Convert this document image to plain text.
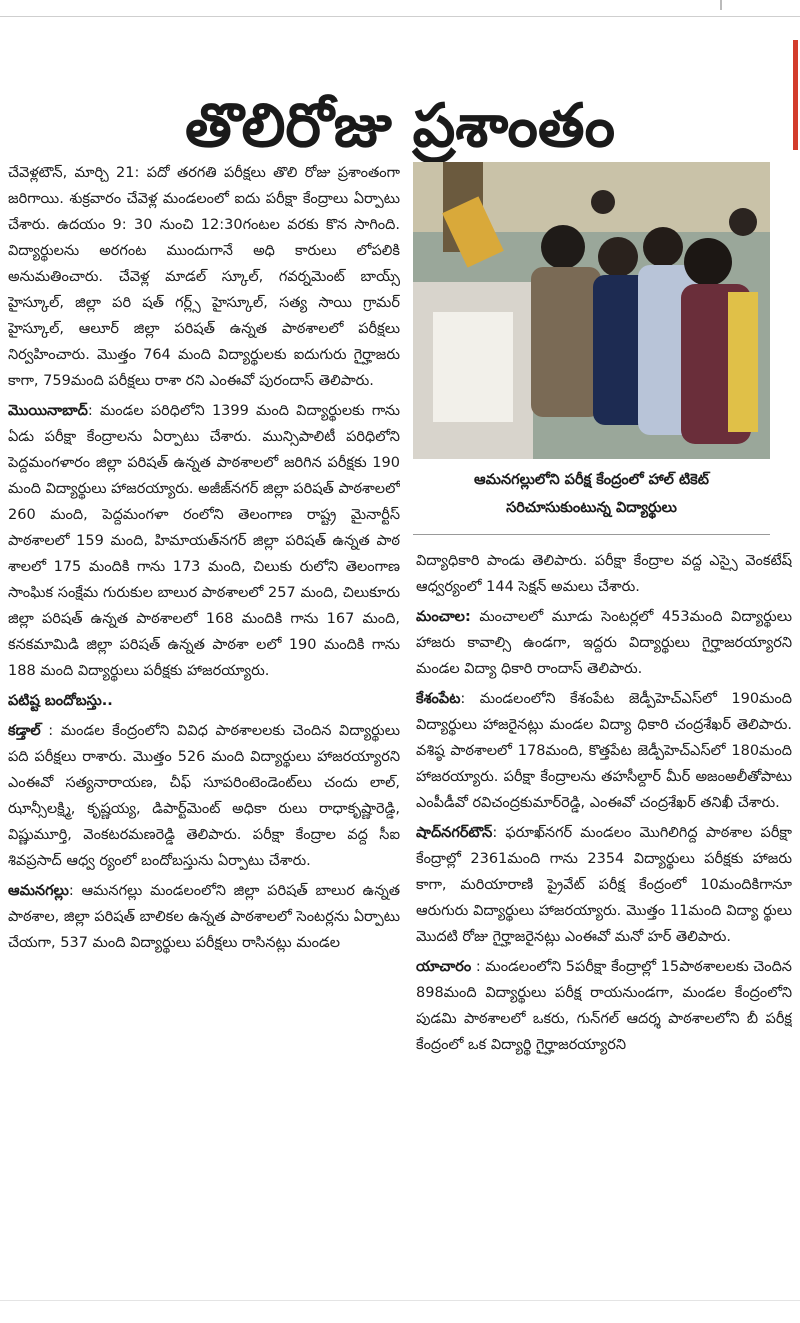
తొలిరోజు ప్రశాంతం

చేవెళ్లటౌన్, మార్చి 21: పదో తరగతి పరీక్షలు తొలి రోజు ప్రశాంతంగా జరిగాయి. శుక్రవారం చేవెళ్ల మండలంలో ఐదు పరీక్షా కేంద్రాలు ఏర్పాటు చేశారు. ఉదయం 9: 30 నుంచి 12:30గంటల వరకు కొన సాగింది. విద్యార్థులను అరగంట ముందుగానే అధి కారులు లోపలికి అనుమతించారు. చేవెళ్ల మాడల్ స్కూల్, గవర్నమెంట్ బాయ్స్ హైస్కూల్, జిల్లా పరి షత్ గర్ల్స్ హైస్కూల్, సత్య సాయి గ్రామర్ హైస్కూల్, ఆలూర్ జిల్లా పరిషత్ ఉన్నత పాఠశాలలో పరీక్షలు నిర్వహించారు. మొత్తం 764 మంది విద్యార్థులకు ఐదుగురు గైర్హాజరు కాగా, 759మంది పరీక్షలు రాశా రని ఎంఈవో పురందాస్ తెలిపారు.

మొయినాబాద్: మండల పరిధిలోని 1399 మంది విద్యార్థులకు గాను ఏడు పరీక్షా కేంద్రాలను ఏర్పాటు చేశారు. మున్సిపాలిటీ పరిధిలోని పెద్దమంగళారం జిల్లా పరిషత్ ఉన్నత పాఠశాలలో జరిగిన పరీక్షకు 190 మంది విద్యార్థులు హాజరయ్యారు. అజీజ్‌నగర్ జిల్లా పరిషత్ పాఠశాలలో 260 మంది, పెద్దమంగళా రంలోని తెలంగాణ రాష్ట్ర మైనార్టీస్ పాఠశాలలో 159 మంది, హిమాయత్‌నగర్ జిల్లా పరిషత్ ఉన్నత పాఠ శాలలో 175 మందికి గాను 173 మంది, చిలుకు రులోని తెలంగాణ సాంఘిక సంక్షేమ గురుకుల బాలుర పాఠశాలలో 257 మంది, చిలుకూరు జిల్లా పరిషత్ ఉన్నత పాఠశాలలో 168 మందికి గాను 167 మంది, కనకమామిడి జిల్లా పరిషత్ ఉన్నత పాఠశా లలో 190 మందికి గాను 188 మంది విద్యార్థులు పరీక్షకు హాజరయ్యారు.

పటిష్ట బందోబస్తు..

కడ్తాల్ : మండల కేంద్రంలోని వివిధ పాఠశాలలకు చెందిన విద్యార్థులు పది పరీక్షలు రాశారు. మొత్తం 526 మంది విద్యార్థులు హాజరయ్యారని ఎంఈవో సత్యనారాయణ, చీఫ్ సూపరింటెండెంట్‌లు చందు లాల్, ఝాన్సీలక్ష్మి, కృష్ణయ్య, డిపార్ట్‌మెంట్ అధికా రులు రాధాకృష్ణారెడ్డి, విష్ణుమూర్తి, వెంకటరమణరెడ్డి తెలిపారు. పరీక్షా కేంద్రాల వద్ద సీఐ శివప్రసాద్ ఆధ్వ ర్యంలో బందోబస్తును ఏర్పాటు చేశారు.

ఆమనగల్లు: ఆమనగల్లు మండలంలోని జిల్లా పరిషత్ బాలుర ఉన్నత పాఠశాల, జిల్లా పరిషత్ బాలికల ఉన్నత పాఠశాలలో సెంటర్లను ఏర్పాటు చేయగా, 537 మంది విద్యార్థులు పరీక్షలు రాసినట్లు మండల

ఆమనగల్లులోని పరీక్ష కేంద్రంలో హాల్ టికెట్
సరిచూసుకుంటున్న విద్యార్థులు

విద్యాధికారి పాండు తెలిపారు. పరీక్షా కేంద్రాల వద్ద ఎస్సై వెంకటేష్ ఆధ్వర్యంలో 144 సెక్షన్ అమలు చేశారు.

మంచాల: మంచాలలో మూడు సెంటర్లలో 453మంది విద్యార్థులు హాజరు కావాల్సి ఉండగా, ఇద్దరు విద్యార్థులు గైర్హాజరయ్యారని మండల విద్యా ధికారి రాందాస్ తెలిపారు.

కేశంపేట: మండలంలోని కేశంపేట జెడ్పీహెచ్ఎస్‌లో 190మంది విద్యార్థులు హాజరైనట్లు మండల విద్యా ధికారి చంద్రశేఖర్ తెలిపారు. వశిష్ఠ పాఠశాలలో 178మంది, కొత్తపేట జెడ్పీహెచ్ఎస్‌లో 180మంది హాజరయ్యారు. పరీక్షా కేంద్రాలను తహసీల్దార్ మీర్ అజంఅలీతోపాటు ఎంపీడీవో రవిచంద్రకుమార్‌రెడ్డి, ఎంఈవో చంద్రశేఖర్ తనిఖీ చేశారు.

షాద్‌నగర్‌టౌన్: ఫరూఖ్‌నగర్ మండలం మొగిలిగిద్ద పాఠశాల పరీక్షా కేంద్రాల్లో 2361మంది గాను 2354 విద్యార్థులు పరీక్షకు హాజరు కాగా, మరియారాణి ప్రైవేట్ పరీక్ష కేంద్రంలో 10మందికిగానూ ఆరుగురు విద్యార్థులు హాజరయ్యారు. మొత్తం 11మంది విద్యా ర్థులు మొదటి రోజు గైర్హాజరైనట్లు ఎంఈవో మనో హర్ తెలిపారు.

యాచారం : మండలంలోని 5పరీక్షా కేంద్రాల్లో 15పాఠశాలలకు చెందిన 898మంది విద్యార్థులు పరీక్ష రాయనుండగా, మండల కేంద్రంలోని పుడమి పాఠశాలలో ఒకరు, గున్‌గల్ ఆదర్శ పాఠశాలలోని బీ పరీక్ష కేంద్రంలో ఒక విద్యార్థి గైర్హాజరయ్యారని
